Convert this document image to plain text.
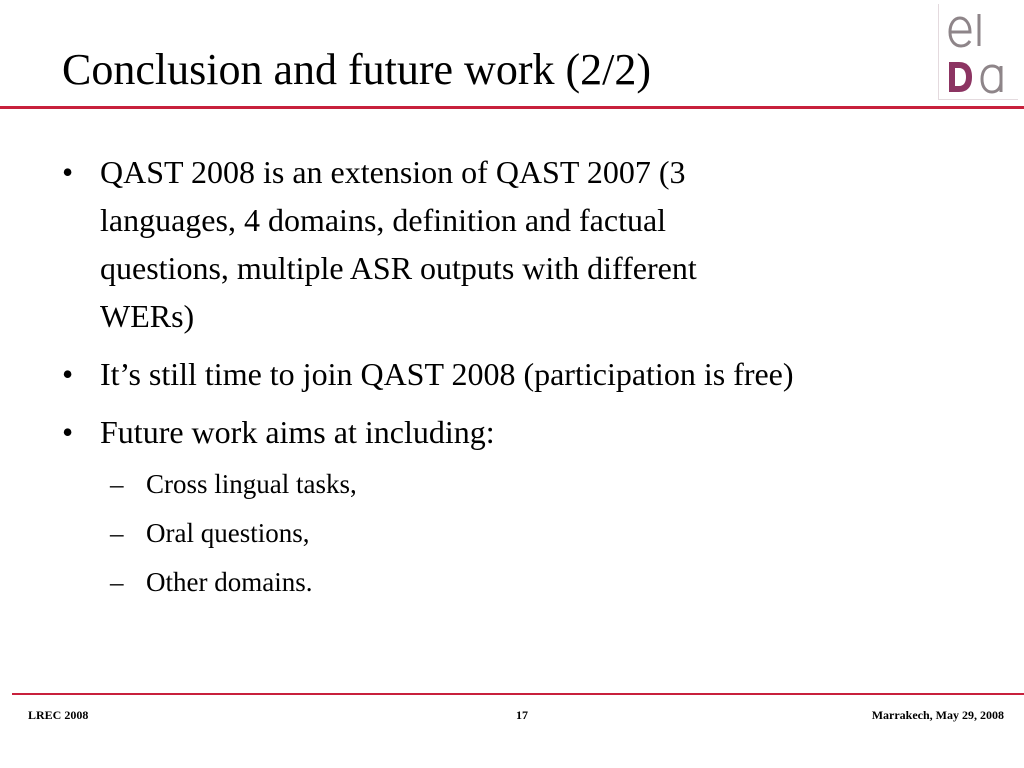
Conclusion and future work (2/2)
• QAST 2008 is an extension of QAST 2007 (3
languages, 4 domains, definition and factual
questions, multiple ASR outputs with different
WERs)
• It’s still time to join QAST 2008 (participation is free)
• Future work aims at including:
– Cross lingual tasks,
– Oral questions,
– Other domains.
LREC 2008	17	Marrakech, May 29, 2008
